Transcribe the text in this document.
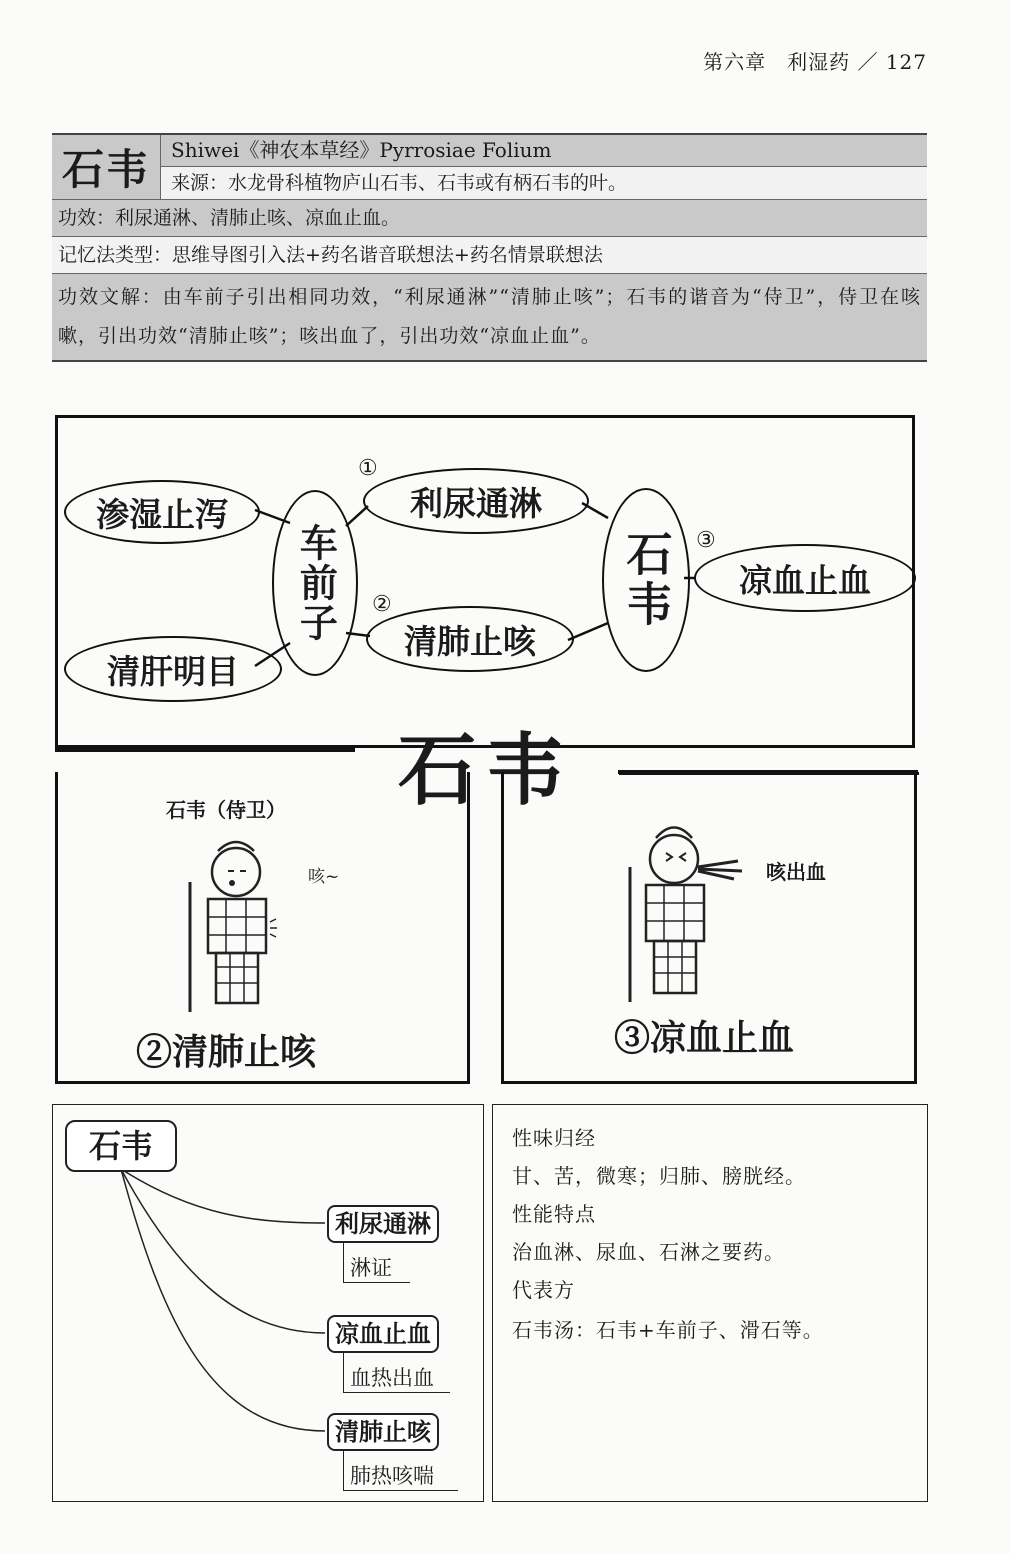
第六章　利湿药 ／ 127
石韦	Shiwei《神农本草经》Pyrrosiae Folium
来源：水龙骨科植物庐山石韦、石韦或有柄石韦的叶。
功效：利尿通淋、清肺止咳、凉血止血。
记忆法类型：思维导图引入法+药名谐音联想法+药名情景联想法
功效文解：由车前子引出相同功效，“利尿通淋”“清肺止咳”；石韦的谐音为“侍卫”，侍卫在咳嗽，引出功效“清肺止咳”；咳出血了，引出功效“凉血止血”。
渗湿止泻
清肝明目
车前子
利尿通淋
清肺止咳
石韦	凉血止血
①
②
③
石韦
石韦（侍卫）
咳~
②清肺止咳
咳出血
③凉血止血
石韦
利尿通淋
淋证
凉血止血
血热出血
清肺止咳
肺热咳喘
性味归经
甘、苦，微寒；归肺、膀胱经。
性能特点
治血淋、尿血、石淋之要药。
代表方
石韦汤：石韦+车前子、滑石等。
